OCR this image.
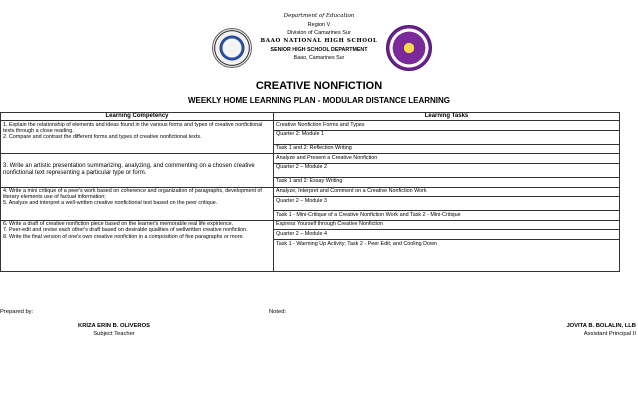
Department of Education
Region V
Division of Camarines Sur
BAAO NATIONAL HIGH SCHOOL
SENIOR HIGH SCHOOL DEPARTMENT
Baao, Camarines Sur
CREATIVE NONFICTION
WEEKLY HOME LEARNING PLAN - MODULAR DISTANCE LEARNING
Learning Competency	Learning Tasks

1. Explain the relationship of elements and ideas found in the various forms and types of creative nonfictional texts through a close reading.
2. Compare and contrast the different forms and types of creative nonfictional texts.	Creative Nonfiction Forms and Types
	Quarter 2: Module 1
	Task 1 and 2: Reflection Writing
3. Write an artistic presentation summarizing, analyzing, and commenting on a chosen creative nonfictional text representing a particular type or form.	Analyze and Present a Creative Nonfiction
	Quarter 2 – Module 2
	Task 1 and 2: Essay Writing

4. Write a mini critique of a peer's work based on coherence and organization of paragraphs, development of literary elements use of factual information;
5. Analyze and interpret a well-written creative nonfictional text based on the peer critique.	Analyze, Interpret and Comment on a Creative Nonfiction Work
	Quarter 2 – Module 3
	Task 1 - Mini-Critique of a Creative Nonfiction Work and Task 2 - Mini-Critique

6. Write a draft of creative nonfiction piece based on the learner's memorable real life expirience.
7. Peer-edit and revise each other's draft based on desirable qualities of wellwritten creative nonfiction.
8. Write the final version of one's own creative nonfiction in a composition of five paragraphs or more.	Express Yourself through Creative Nonfiction
	Quarter 2 – Module 4
	Task 1 - Warming Up Activity; Task 2 - Peer Edit; and Cooling Down
Prepared by:	Noted:
KRIZA ERIN B. OLIVEROS
Subject Teacher
JOVITA B. BOLALIN, LLB
Assistant Principal II
